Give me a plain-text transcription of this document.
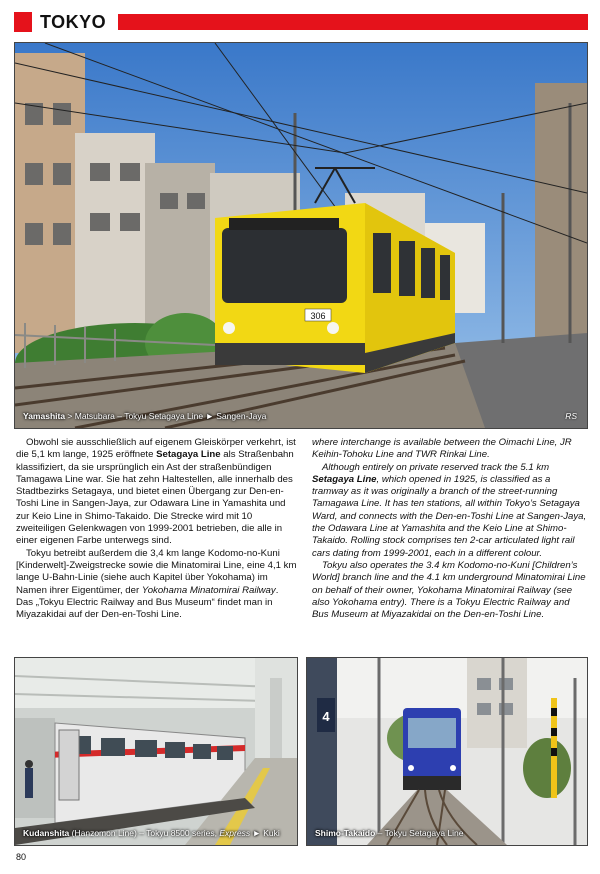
TOKYO
306
Yamashita > Matsubara – Tokyu Setagaya Line ► Sangen-Jaya	RS

Obwohl sie ausschließlich auf eigenem Gleiskörper verkehrt, ist die 5,1 km lange, 1925 eröffnete Setagaya Line als Straßenbahn klassifiziert, da sie ursprünglich ein Ast der straßenbündigen Tamagawa Line war. Sie hat zehn Haltestellen, alle innerhalb des Stadtbezirks Setagaya, und bietet einen Übergang zur Den-en-Toshi Line in Sangen-Jaya, zur Odawara Line in Yamashita und zur Keio Line in Shimo-Takaido. Die Strecke wird mit 10 zweiteiligen Gelenkwagen von 1999-2001 betrieben, die alle in einer eigenen Farbe unterwegs sind.

Tokyu betreibt außerdem die 3,4 km lange Kodomo-no-Kuni [Kinderwelt]-Zweigstrecke sowie die Minatomirai Line, eine 4,1 km lange U-Bahn-Linie (siehe auch Kapitel über Yokohama) im Namen ihrer Eigentümer, der Yokohama Minatomirai Railway. Das „Tokyu Electric Railway and Bus Museum“ findet man in Miyazakidai auf der Den-en-Toshi Line.

where interchange is available between the Oimachi Line, JR Keihin-Tohoku Line and TWR Rinkai Line.

Although entirely on private reserved track the 5.1 km Setagaya Line, which opened in 1925, is classified as a tramway as it was originally a branch of the street-running Tamagawa Line. It has ten stations, all within Tokyo’s Setagaya Ward, and connects with the Den-en-Toshi Line at Sangen-Jaya, the Odawara Line at Yamashita and the Keio Line at Shimo-Takaido. Rolling stock comprises ten 2-car articulated light rail cars dating from 1999-2001, each in a different colour.

Tokyu also operates the 3.4 km Kodomo-no-Kuni [Children’s World] branch line and the 4.1 km underground Minatomirai Line on behalf of their owner, Yokohama Minatomirai Railway (see also Yokohama entry). There is a Tokyu Electric Railway and Bus Museum at Miyazakidai on the Den-en-Toshi Line.

Kudanshita (Hanzomon Line) – Tokyu 8500 series, Express ► Kuki
4
Shimo-Takaido – Tokyu Setagaya Line
80
